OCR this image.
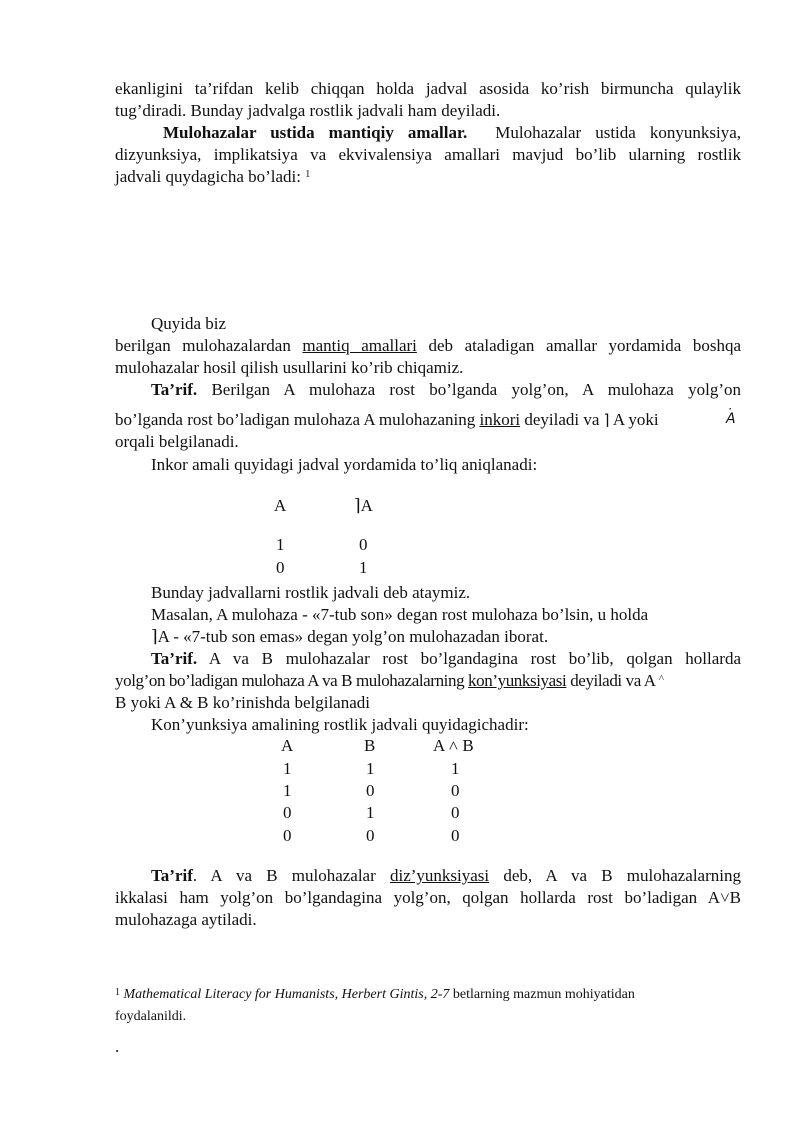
ekanligini ta’rifdan kelib chiqqan holda jadval asosida ko’rish birmuncha qulaylik
tug’diradi. Bunday jadvalga rostlik jadvali ham deyiladi.
Mulohazalar ustida mantiqiy amallar. Mulohazalar ustida konyunksiya,
dizyunksiya, implikatsiya va ekvivalensiya amallari mavjud bo’lib ularning rostlik
jadvali quydagicha bo’ladi: $^1$
Quyida biz
berilgan mulohazalardan mantiq amallari deb ataladigan amallar yordamida boshqa
mulohazalar hosil qilish usullarini ko’rib chiqamiz.
Ta’rif. Berilgan A mulohaza rost bo’lganda yolg’on, A mulohaza yolg’on
bo’lganda rost bo’ladigan mulohaza A mulohazaning inkori deyiladi va ⌉ A yoki
·	A
orqali belgilanadi.
Inkor amali quyidagi jadval yordamida to’liq aniqlanadi:
A	⌉A
1	0
0	1
Bunday jadvallarni rostlik jadvali deb ataymiz.
Masalan, A mulohaza - «7-tub son» degan rost mulohaza bo’lsin, u holda
⌉A - «7-tub son emas» degan yolg’on mulohazadan iborat.
Ta’rif. A va B mulohazalar rost bo’lgandagina rost bo’lib, qolgan hollarda
yolg’on bo’ladigan mulohaza A va B mulohazalarning kon’yunksiyasi deyiladi va A ˄
B yoki A & B ko’rinishda belgilanadi
Kon’yunksiya amalining rostlik jadvali quyidagichadir:
A	B	A ˄ B
1	1	1
1	0	0
0	1	0
0	0	0
Ta’rif. A va B mulohazalar diz’yunksiyasi deb, A va B mulohazalarning
ikkalasi ham yolg’on bo’lgandagina yolg’on, qolgan hollarda rost bo’ladigan A˅B
mulohazaga aytiladi.
$^1$ Mathematical Literacy for Humanists, Herbert Gintis, 2-7 betlarning mazmun mohiyatidan
foydalanildi.
.
